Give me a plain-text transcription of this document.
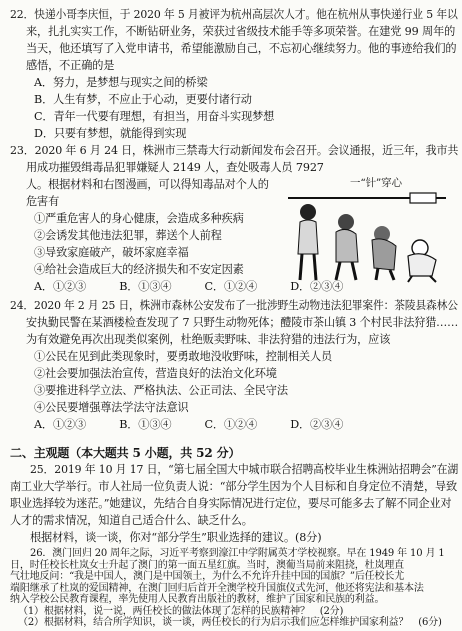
22．快递小哥李庆恒，于 2020 年 5 月被评为杭州高层次人才。他在杭州从事快递行业 5 年以
来，扎扎实实工作，不断钻研业务，荣获过省级技术能手等多项荣誉。在建党 99 周年的
当天，他还填写了入党申请书，希望能激励自己，不忘初心继续努力。他的事迹给我们的
感悟，不正确的是
A．努力，是梦想与现实之间的桥梁
B．人生有梦，不应止于心动，更要付诸行动
C．青年一代要有理想，有担当，用奋斗实现梦想
D．只要有梦想，就能得到实现
23．2020 年 6 月 24 日，株洲市三禁毒大行动新闻发布会召开。会议通报，近三年，我市共
用成功摧毁缉毒品犯罪嫌疑人 2149 人，查处吸毒人员 7927
人。根据材料和右图漫画，可以得知毒品对个人的
危害有
①严重危害人的身心健康，会造成多种疾病
②会诱发其他违法犯罪，葬送个人前程
③导致家庭破产，破坏家庭幸福
④给社会造成巨大的经济损失和不安定因素
A．①②③　　　B．①③④　　　C．①②④　　　D．②③④
一“针”穿心
24．2020 年 2 月 25 日，株洲市森林公安发布了一批涉野生动物违法犯罪案件：茶陵县森林公
安执勤民警在某酒楼检查发现了 7 只野生动物死体；醴陵市茶山镇 3 个村民非法狩猎……
为有效避免再次出现类似案例，杜绝贩卖野味、非法狩猎的违法行为，应该
①公民在见到此类现象时，要勇敢地没收野味，控制相关人员
②社会要加强法治宣传，营造良好的法治文化环境
③要推进科学立法、严格执法、公正司法、全民守法
④公民要增强尊法学法守法意识
A．①②③　　　B．①③④　　　C．①②④　　　D．②③④
二、主观题（本大题共 5 小题，共 52 分）
25．2019 年 10 月 17 日，“第七届全国大中城市联合招聘高校毕业生株洲站招聘会”在湖
南工业大学举行。市人社局一位负责人说：“部分学生因为个人目标和自身定位不清楚，导致
职业选择较为迷茫。”她建议，先结合自身实际情况进行定位，要尽可能多去了解不同企业对
人才的需求情况，知道自己适合什么、缺乏什么。
根据材料，谈一谈，你对“部分学生”职业选择的建议。(8分)
26．澳门回归 20 周年之际，习近平考察到濠江中学附属英才学校视察。早在 1949 年 10 月 1
日，时任校长杜岚女士升起了澳门的第一面五星红旗。当时，澳葡当局前来阻挠，杜岚理直
气壮地反问：“我是中国人，澳门是中国领土，为什么不允许升挂中国的国旗？”后任校长尤
端阳继承了杜岚的爱国精神，在澳门回归后首开全澳学校升国旗仪式先河，他还将宪法和基本法
纳入学校公民教育课程，率先使用人民教育出版社的教材，维护了国家和民族的利益。
（1）根据材料，说一说，两任校长的做法体现了怎样的民族精神？　(2分)
（2）根据材料，结合所学知识，谈一谈，两任校长的行为启示我们应怎样维护国家利益？　(6分)
